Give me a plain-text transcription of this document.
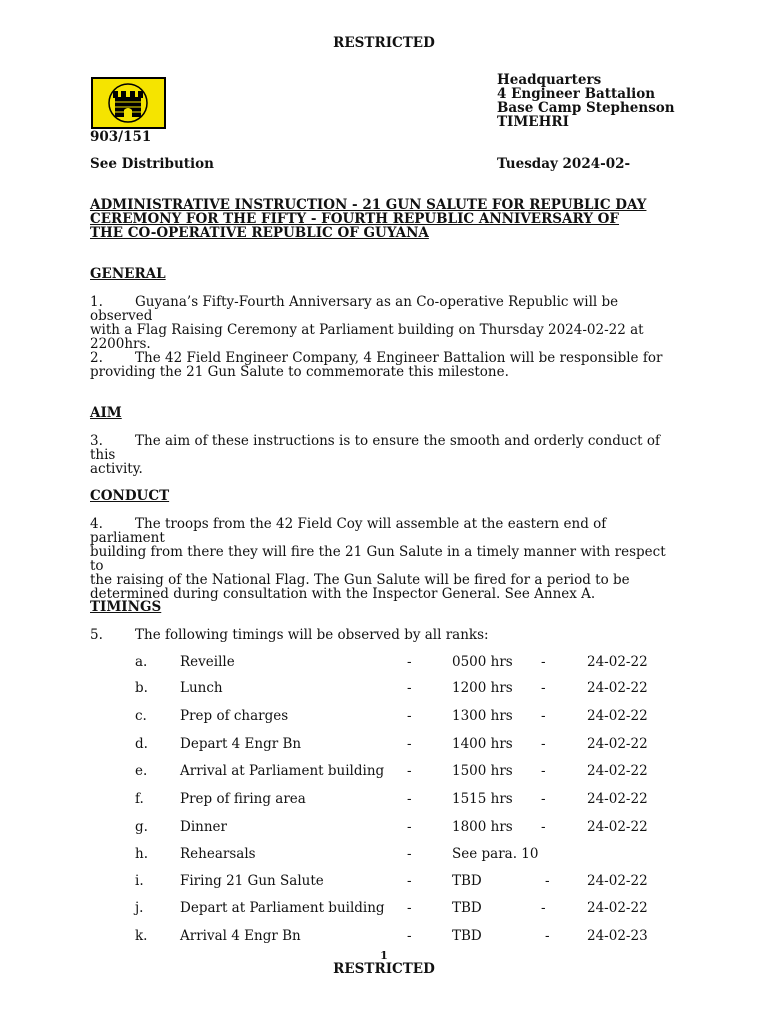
RESTRICTED
Headquarters
4 Engineer Battalion
Base Camp Stephenson
TIMEHRI
903/151
See Distribution	Tuesday 2024-02-
ADMINISTRATIVE INSTRUCTION - 21 GUN SALUTE FOR REPUBLIC DAY
CEREMONY FOR THE FIFTY - FOURTH REPUBLIC ANNIVERSARY OF
THE CO-OPERATIVE REPUBLIC OF GUYANA
GENERAL
1. Guyana’s Fifty-Fourth Anniversary as an Co-operative Republic will be observed
with a Flag Raising Ceremony at Parliament building on Thursday 2024-02-22 at
2200hrs.
2. The 42 Field Engineer Company, 4 Engineer Battalion will be responsible for
providing the 21 Gun Salute to commemorate this milestone.
AIM
3. The aim of these instructions is to ensure the smooth and orderly conduct of this
activity.
CONDUCT
4. The troops from the 42 Field Coy will assemble at the eastern end of parliament
building from there they will fire the 21 Gun Salute in a timely manner with respect to
the raising of the National Flag. The Gun Salute will be fired for a period to be
determined during consultation with the Inspector General. See Annex A.
TIMINGS
5. The following timings will be observed by all ranks:
a. Reveille	-	0500 hrs -	24-02-22
b. Lunch	-	1200 hrs -	24-02-22
c. Prep of charges	-	1300 hrs -	24-02-22
d. Depart 4 Engr Bn	-	1400 hrs -	24-02-22
e. Arrival at Parliament building -	1500 hrs -	24-02-22
f.	Prep of firing area	-	1515 hrs -	24-02-22
g. Dinner	-	1800 hrs -	24-02-22
h. Rehearsals	-	See para. 10
i.	Firing 21 Gun Salute	-	TBD	-	24-02-22
j.	Depart at Parliament building -	TBD	-	24-02-22
k. Arrival 4 Engr Bn	-	TBD	-	24-02-23
1
RESTRICTED
